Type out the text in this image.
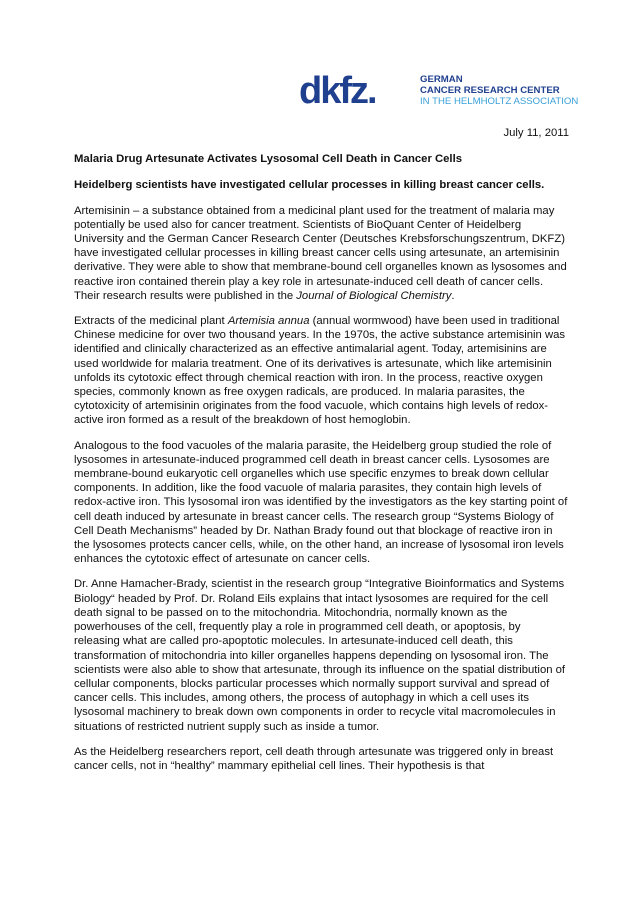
dkfz.	GERMAN
CANCER RESEARCH CENTER
IN THE HELMHOLTZ ASSOCIATION
July 11, 2011
Malaria Drug Artesunate Activates Lysosomal Cell Death in Cancer Cells
Heidelberg scientists have investigated cellular processes in killing breast cancer cells.

Artemisinin – a substance obtained from a medicinal plant used for the treatment of malaria may potentially be used also for cancer treatment. Scientists of BioQuant Center of Heidelberg University and the German Cancer Research Center (Deutsches Krebsforschungszentrum, DKFZ) have investigated cellular processes in killing breast cancer cells using artesunate, an artemisinin derivative. They were able to show that membrane-bound cell organelles known as lysosomes and reactive iron contained therein play a key role in artesunate-induced cell death of cancer cells. Their research results were published in the Journal of Biological Chemistry.

Extracts of the medicinal plant Artemisia annua (annual wormwood) have been used in traditional Chinese medicine for over two thousand years. In the 1970s, the active substance artemisinin was identified and clinically characterized as an effective antimalarial agent. Today, artemisinins are used worldwide for malaria treatment. One of its derivatives is artesunate, which like artemisinin unfolds its cytotoxic effect through chemical reaction with iron. In the process, reactive oxygen species, commonly known as free oxygen radicals, are produced. In malaria parasites, the cytotoxicity of artemisinin originates from the food vacuole, which contains high levels of redox-active iron formed as a result of the breakdown of host hemoglobin.

Analogous to the food vacuoles of the malaria parasite, the Heidelberg group studied the role of lysosomes in artesunate-induced programmed cell death in breast cancer cells. Lysosomes are membrane-bound eukaryotic cell organelles which use specific enzymes to break down cellular components. In addition, like the food vacuole of malaria parasites, they contain high levels of redox-active iron. This lysosomal iron was identified by the investigators as the key starting point of cell death induced by artesunate in breast cancer cells. The research group “Systems Biology of Cell Death Mechanisms” headed by Dr. Nathan Brady found out that blockage of reactive iron in the lysosomes protects cancer cells, while, on the other hand, an increase of lysosomal iron levels enhances the cytotoxic effect of artesunate on cancer cells.

Dr. Anne Hamacher-Brady, scientist in the research group “Integrative Bioinformatics and Systems Biology“ headed by Prof. Dr. Roland Eils explains that intact lysosomes are required for the cell death signal to be passed on to the mitochondria. Mitochondria, normally known as the powerhouses of the cell, frequently play a role in programmed cell death, or apoptosis, by releasing what are called pro-apoptotic molecules. In artesunate-induced cell death, this transformation of mitochondria into killer organelles happens depending on lysosomal iron. The scientists were also able to show that artesunate, through its influence on the spatial distribution of cellular components, blocks particular processes which normally support survival and spread of cancer cells. This includes, among others, the process of autophagy in which a cell uses its lysosomal machinery to break down own components in order to recycle vital macromolecules in situations of restricted nutrient supply such as inside a tumor.

As the Heidelberg researchers report, cell death through artesunate was triggered only in breast cancer cells, not in “healthy” mammary epithelial cell lines. Their hypothesis is that
